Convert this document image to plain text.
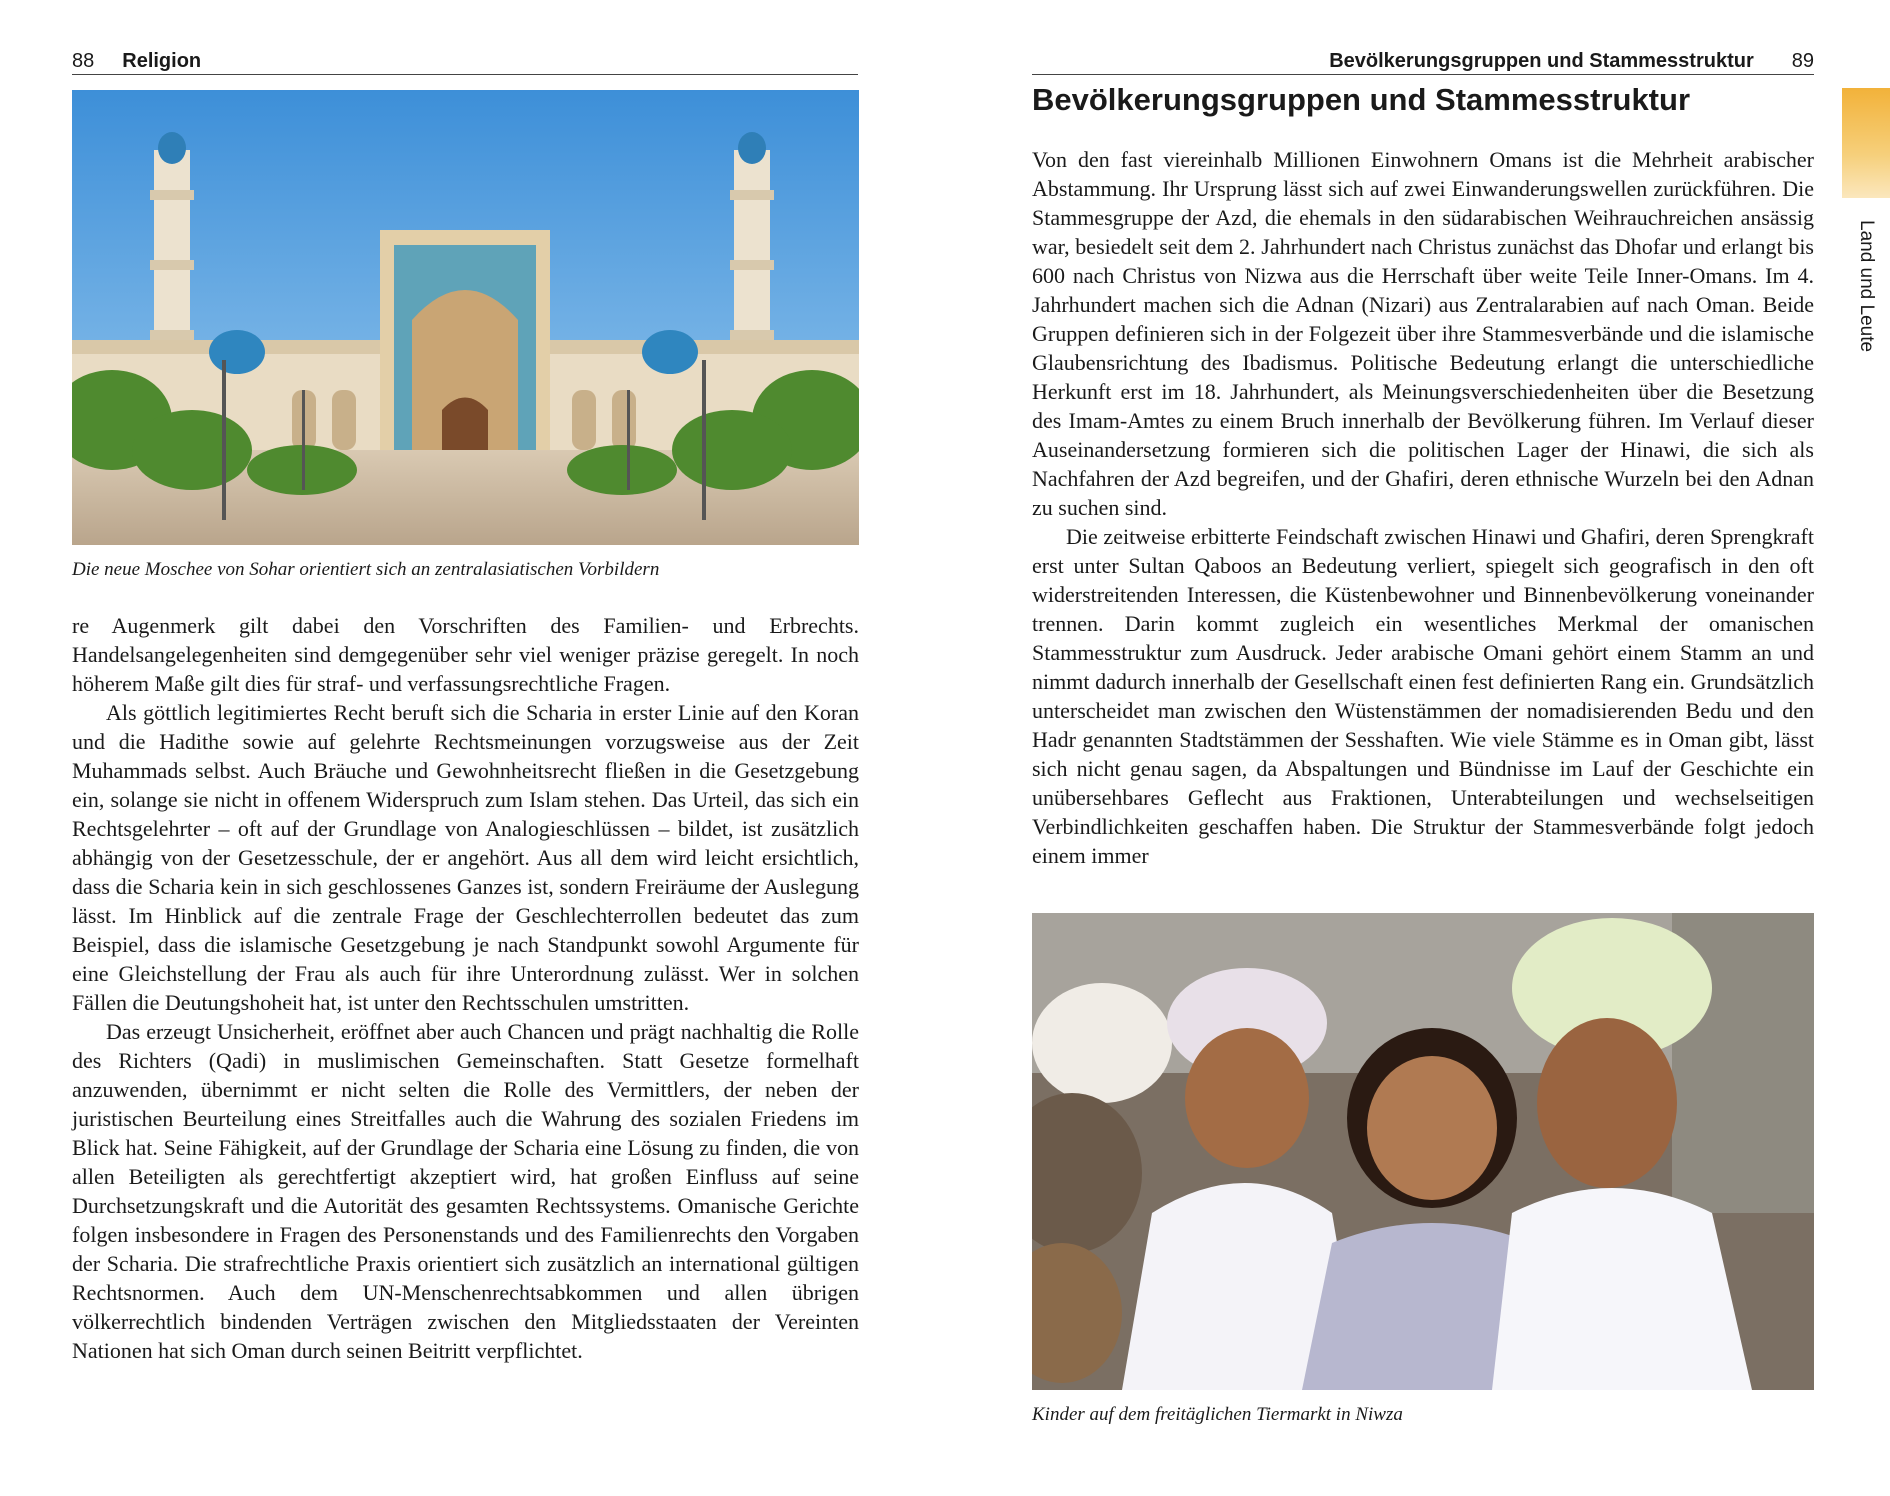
88 Religion
Die neue Moschee von Sohar orientiert sich an zentralasiatischen Vorbildern

re Augenmerk gilt dabei den Vorschriften des Familien- und Erbrechts. Handelsangelegenheiten sind demgegenüber sehr viel weniger präzise geregelt. In noch höherem Maße gilt dies für straf- und verfassungsrechtliche Fragen.

Als göttlich legitimiertes Recht beruft sich die Scharia in erster Linie auf den Koran und die Hadithe sowie auf gelehrte Rechtsmeinungen vorzugsweise aus der Zeit Muhammads selbst. Auch Bräuche und Gewohnheitsrecht fließen in die Gesetzgebung ein, solange sie nicht in offenem Widerspruch zum Islam stehen. Das Urteil, das sich ein Rechtsgelehrter – oft auf der Grundlage von Analogieschlüssen – bildet, ist zusätzlich abhängig von der Gesetzesschule, der er angehört. Aus all dem wird leicht ersichtlich, dass die Scharia kein in sich geschlossenes Ganzes ist, sondern Freiräume der Auslegung lässt. Im Hinblick auf die zentrale Frage der Geschlechterrollen bedeutet das zum Beispiel, dass die islamische Gesetzgebung je nach Standpunkt sowohl Argumente für eine Gleichstellung der Frau als auch für ihre Unterordnung zulässt. Wer in solchen Fällen die Deutungshoheit hat, ist unter den Rechtsschulen umstritten.

Das erzeugt Unsicherheit, eröffnet aber auch Chancen und prägt nachhaltig die Rolle des Richters (Qadi) in muslimischen Gemeinschaften. Statt Gesetze formelhaft anzuwenden, übernimmt er nicht selten die Rolle des Vermittlers, der neben der juristischen Beurteilung eines Streitfalles auch die Wahrung des sozialen Friedens im Blick hat. Seine Fähigkeit, auf der Grundlage der Scharia eine Lösung zu finden, die von allen Beteiligten als gerechtfertigt akzeptiert wird, hat großen Einfluss auf seine Durchsetzungskraft und die Autorität des gesamten Rechtssystems. Omanische Gerichte folgen insbesondere in Fragen des Personenstands und des Familienrechts den Vorgaben der Scharia. Die strafrechtliche Praxis orientiert sich zusätzlich an international gültigen Rechtsnormen. Auch dem UN-Menschenrechtsabkommen und allen übrigen völkerrechtlich bindenden Verträgen zwischen den Mitgliedsstaaten der Vereinten Nationen hat sich Oman durch seinen Beitritt verpflichtet.

Bevölkerungsgruppen und Stammesstruktur 89
Bevölkerungsgruppen und Stammesstruktur

Von den fast viereinhalb Millionen Einwohnern Omans ist die Mehrheit arabischer Abstammung. Ihr Ursprung lässt sich auf zwei Einwanderungswellen zurückführen. Die Stammesgruppe der Azd, die ehemals in den südarabischen Weihrauchreichen ansässig war, besiedelt seit dem 2. Jahrhundert nach Christus zunächst das Dhofar und erlangt bis 600 nach Christus von Nizwa aus die Herrschaft über weite Teile Inner-Omans. Im 4. Jahrhundert machen sich die Adnan (Nizari) aus Zentralarabien auf nach Oman. Beide Gruppen definieren sich in der Folgezeit über ihre Stammesverbände und die islamische Glaubensrichtung des Ibadismus. Politische Bedeutung erlangt die unterschiedliche Herkunft erst im 18. Jahrhundert, als Meinungsverschiedenheiten über die Besetzung des Imam-Amtes zu einem Bruch innerhalb der Bevölkerung führen. Im Verlauf dieser Auseinandersetzung formieren sich die politischen Lager der Hinawi, die sich als Nachfahren der Azd begreifen, und der Ghafiri, deren ethnische Wurzeln bei den Adnan zu suchen sind.

Die zeitweise erbitterte Feindschaft zwischen Hinawi und Ghafiri, deren Sprengkraft erst unter Sultan Qaboos an Bedeutung verliert, spiegelt sich geografisch in den oft widerstreitenden Interessen, die Küstenbewohner und Binnenbevölkerung voneinander trennen. Darin kommt zugleich ein wesentliches Merkmal der omanischen Stammesstruktur zum Ausdruck. Jeder arabische Omani gehört einem Stamm an und nimmt dadurch innerhalb der Gesellschaft einen fest definierten Rang ein. Grundsätzlich unterscheidet man zwischen den Wüstenstämmen der nomadisierenden Bedu und den Hadr genannten Stadtstämmen der Sesshaften. Wie viele Stämme es in Oman gibt, lässt sich nicht genau sagen, da Abspaltungen und Bündnisse im Lauf der Geschichte ein unübersehbares Geflecht aus Fraktionen, Unterabteilungen und wechselseitigen Verbindlichkeiten geschaffen haben. Die Struktur der Stammesverbände folgt jedoch einem immer

Kinder auf dem freitäglichen Tiermarkt in Niwza
Land und Leute
